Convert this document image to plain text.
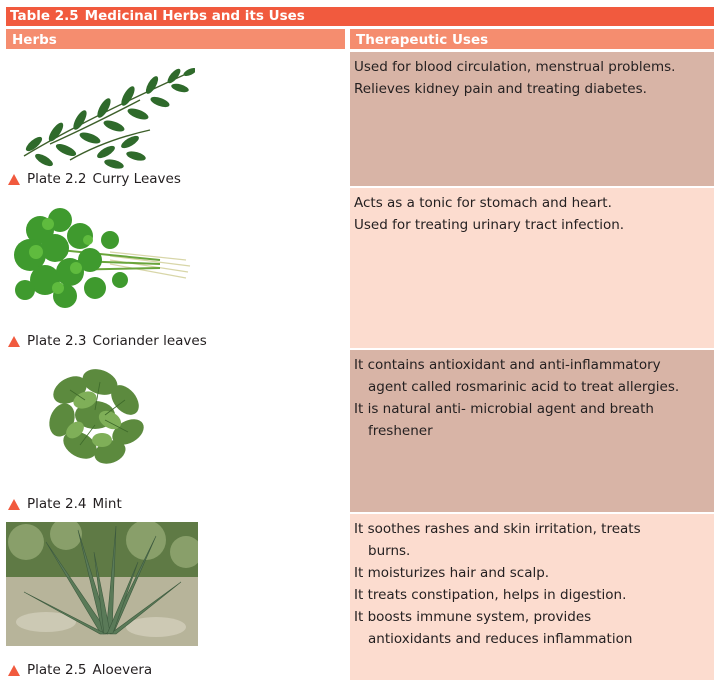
Table 2.5 Medicinal Herbs and its Uses
Herbs	Therapeutic Uses
Plate 2.2 Curry Leaves
Used for blood circulation, menstrual problems.
Relieves kidney pain and treating diabetes.
Plate 2.3 Coriander leaves
Acts as a tonic for stomach and heart.
Used for treating urinary tract infection.
Plate 2.4 Mint
It contains antioxidant and anti-inflammatory
agent called rosmarinic acid to treat allergies.
It is natural anti- microbial agent and breath
freshener
Plate 2.5 Aloevera
It soothes rashes and skin irritation, treats
burns.
It moisturizes hair and scalp.
It treats constipation, helps in digestion.
It boosts immune system, provides
antioxidants and reduces inflammation
